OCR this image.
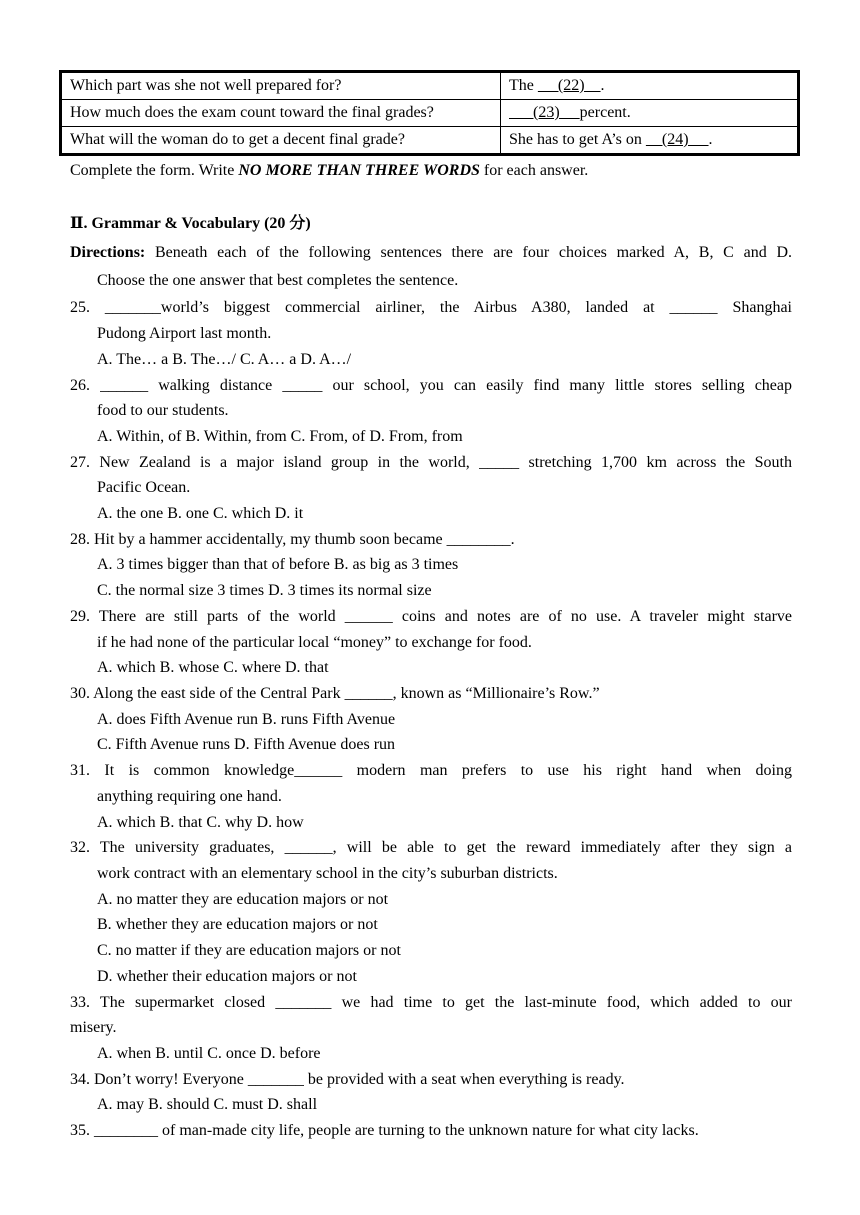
Which part was she not well prepared for?	The      (22)    .
How much does the exam count toward the final grades?	(23)     percent.
What will the woman do to get a decent final grade?	She has to get A’s on     (24)     .
Complete the form. Write NO MORE THAN THREE WORDS for each answer.
Ⅱ. Grammar & Vocabulary (20 分)
Directions: Beneath each of the following sentences there are four choices marked A, B, C and D.
Choose the one answer that best completes the sentence.
25. _______world’s biggest commercial airliner, the Airbus A380, landed at ______ Shanghai
Pudong Airport last month.
A. The… a B. The…/ C. A… a D. A…/
26. ______ walking distance _____ our school, you can easily find many little stores selling cheap
food to our students.
A. Within, of B. Within, from C. From, of D. From, from
27. New Zealand is a major island group in the world, _____ stretching 1,700 km across the South
Pacific Ocean.
A. the one B. one C. which D. it
28. Hit by a hammer accidentally, my thumb soon became ________.
A. 3 times bigger than that of before B. as big as 3 times
C. the normal size 3 times D. 3 times its normal size
29. There are still parts of the world ______ coins and notes are of no use. A traveler might starve
if he had none of the particular local “money” to exchange for food.
A. which B. whose C. where D. that
30. Along the east side of the Central Park ______, known as “Millionaire’s Row.”
A. does Fifth Avenue run B. runs Fifth Avenue
C. Fifth Avenue runs D. Fifth Avenue does run
31. It is common knowledge______ modern man prefers to use his right hand when doing
anything requiring one hand.
A. which B. that C. why D. how
32. The university graduates, ______, will be able to get the reward immediately after they sign a
work contract with an elementary school in the city’s suburban districts.
A. no matter they are education majors or not
B. whether they are education majors or not
C. no matter if they are education majors or not
D. whether their education majors or not
33. The supermarket closed _______ we had time to get the last-minute food, which added to our
misery.
A. when B. until C. once D. before
34. Don’t worry! Everyone _______ be provided with a seat when everything is ready.
A. may B. should C. must D. shall
35. ________ of man-made city life, people are turning to the unknown nature for what city lacks.
